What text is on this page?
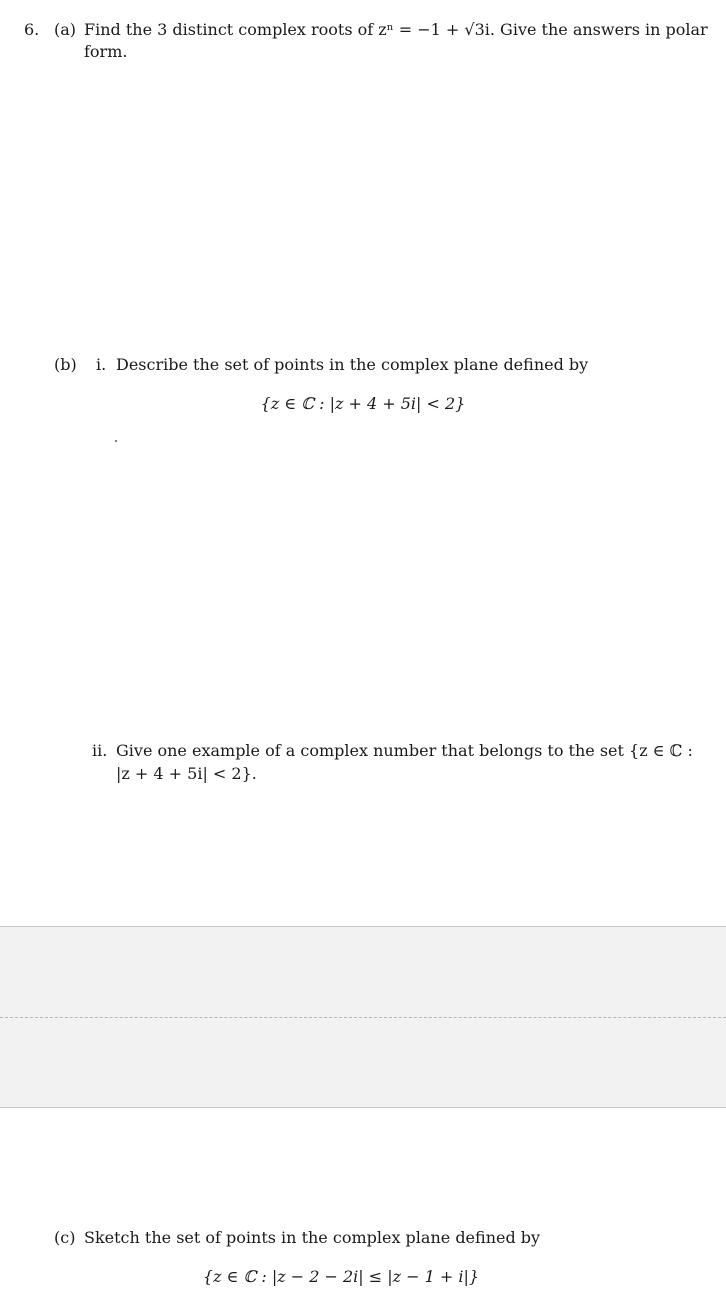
6. (a) Find the 3 distinct complex roots of zⁿ = −1 + √3i. Give the answers in polar
form.
(b) i. Describe the set of points in the complex plane defined by
{z ∈ ℂ : |z + 4 + 5i| < 2}
ii. Give one example of a complex number that belongs to the set {z ∈ ℂ :
|z + 4 + 5i| < 2}.
(c) Sketch the set of points in the complex plane defined by
{z ∈ ℂ : |z − 2 − 2i| ≤ |z − 1 + i|}
